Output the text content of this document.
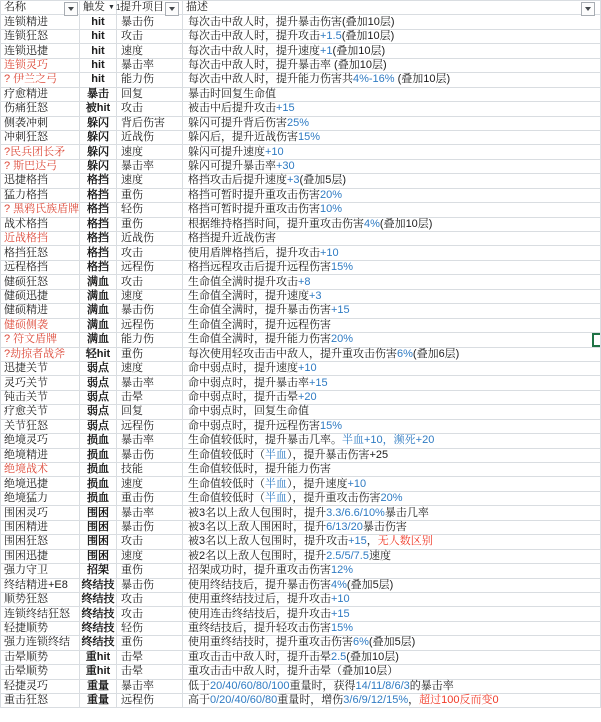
名称	触发 ▼1	提升项目	描述

连锁精进	hit	暴击伤	每次击中敌人时，提升暴击伤害(叠加10层)
连锁狂怒	hit	攻击	每次击中敌人时，提升攻击+1.5(叠加10层)
连锁迅捷	hit	速度	每次击中敌人时，提升速度+1(叠加10层)
连锁灵巧	hit	暴击率	每次击中敌人时，提升暴击率 (叠加10层)
? 伊兰之弓	hit	能力伤	每次击中敌人时，提升能力伤害共4%-16% (叠加10层)
疗愈精进	暴击	回复	暴击时回复生命值
伤痛狂怒	被hit	攻击	被击中后提升攻击+15
侧袭冲刺	躲闪	背后伤害	躲闪可提升背后伤害25%
冲刺狂怒	躲闪	近战伤	躲闪后，提升近战伤害15%
?民兵团长矛	躲闪	速度	躲闪可提升速度+10
? 斯巴达弓	躲闪	暴击率	躲闪可提升暴击率+30
迅捷格挡	格挡	速度	格挡攻击后提升速度+3(叠加5层)
猛力格挡	格挡	重伤	格挡可暂时提升重攻击伤害20%
? 黑鸦氏族盾牌	格挡	轻伤	格挡可暂时提升重攻击伤害10%
战术格挡	格挡	重伤	根据维持格挡时间，提升重攻击伤害4%(叠加10层)
近战格挡	格挡	近战伤	格挡提升近战伤害
格挡狂怒	格挡	攻击	使用盾牌格挡后，提升攻击+10
远程格挡	格挡	远程伤	格挡远程攻击后提升远程伤害15%
健硕狂怒	满血	攻击	生命值全满时提升攻击+8
健硕迅捷	满血	速度	生命值全满时，提升速度+3
健硕精进	满血	暴击伤	生命值全满时，提升暴击伤害+15
健硕侧袭	满血	远程伤	生命值全满时，提升远程伤害
? 符文盾牌	满血	能力伤	生命值全满时，提升能力伤害20%
?劫掠者战斧	轻hit	重伤	每次使用轻攻击击中敌人，提升重攻击伤害6%(叠加6层)
迅捷关节	弱点	速度	命中弱点时，提升速度+10
灵巧关节	弱点	暴击率	命中弱点时，提升暴击率+15
钝击关节	弱点	击晕	命中弱点时，提升击晕+20
疗愈关节	弱点	回复	命中弱点时，回复生命值
关节狂怒	弱点	远程伤	命中弱点时，提升远程伤害15%
绝境灵巧	损血	暴击率	生命值较低时，提升暴击几率。半血+10，濒死+20
绝境精进	损血	暴击伤	生命值较低时（半血），提升暴击伤害+25
绝境战术	损血	技能	生命值较低时，提升能力伤害
绝境迅捷	损血	速度	生命值较低时（半血），提升速度+10
绝境猛力	损血	重击伤	生命值较低时（半血），提升重攻击伤害20%
围困灵巧	围困	暴击率	被3名以上敌人包围时，提升3.3/6.6/10%暴击几率
围困精进	围困	暴击伤	被3名以上敌人围困时，提升6/13/20暴击伤害
围困狂怒	围困	攻击	被3名以上敌人包围时，提升攻击+15，无人数区别
围困迅捷	围困	速度	被2名以上敌人包围时，提升2.5/5/7.5速度
强力守卫	招架	重伤	招架成功时，提升重攻击伤害12%
终结精进+E8	终结技	暴击伤	使用终结技后，提升暴击伤害4%(叠加5层)
顺势狂怒	终结技	攻击	使用重终结技过后，提升攻击+10
连锁终结狂怒	终结技	攻击	使用连击终结技后，提升攻击+15
轻捷顺势	终结技	轻伤	重终结技后，提升轻攻击伤害15%
强力连锁终结	终结技	重伤	使用重终结技时，提升重攻击伤害6%(叠加5层)
击晕顺势	重hit	击晕	重攻击击中敌人时，提升击晕2.5(叠加10层)
击晕顺势	重hit	击晕	重攻击击中敌人时，提升击晕（叠加10层）
轻捷灵巧	重量	暴击率	低于20/40/60/80/100重量时，获得14/11/8/6/3的暴击率
重击狂怒	重量	远程伤	高于0/20/40/60/80重量时，增伤3/6/9/12/15%，超过100反而变0
